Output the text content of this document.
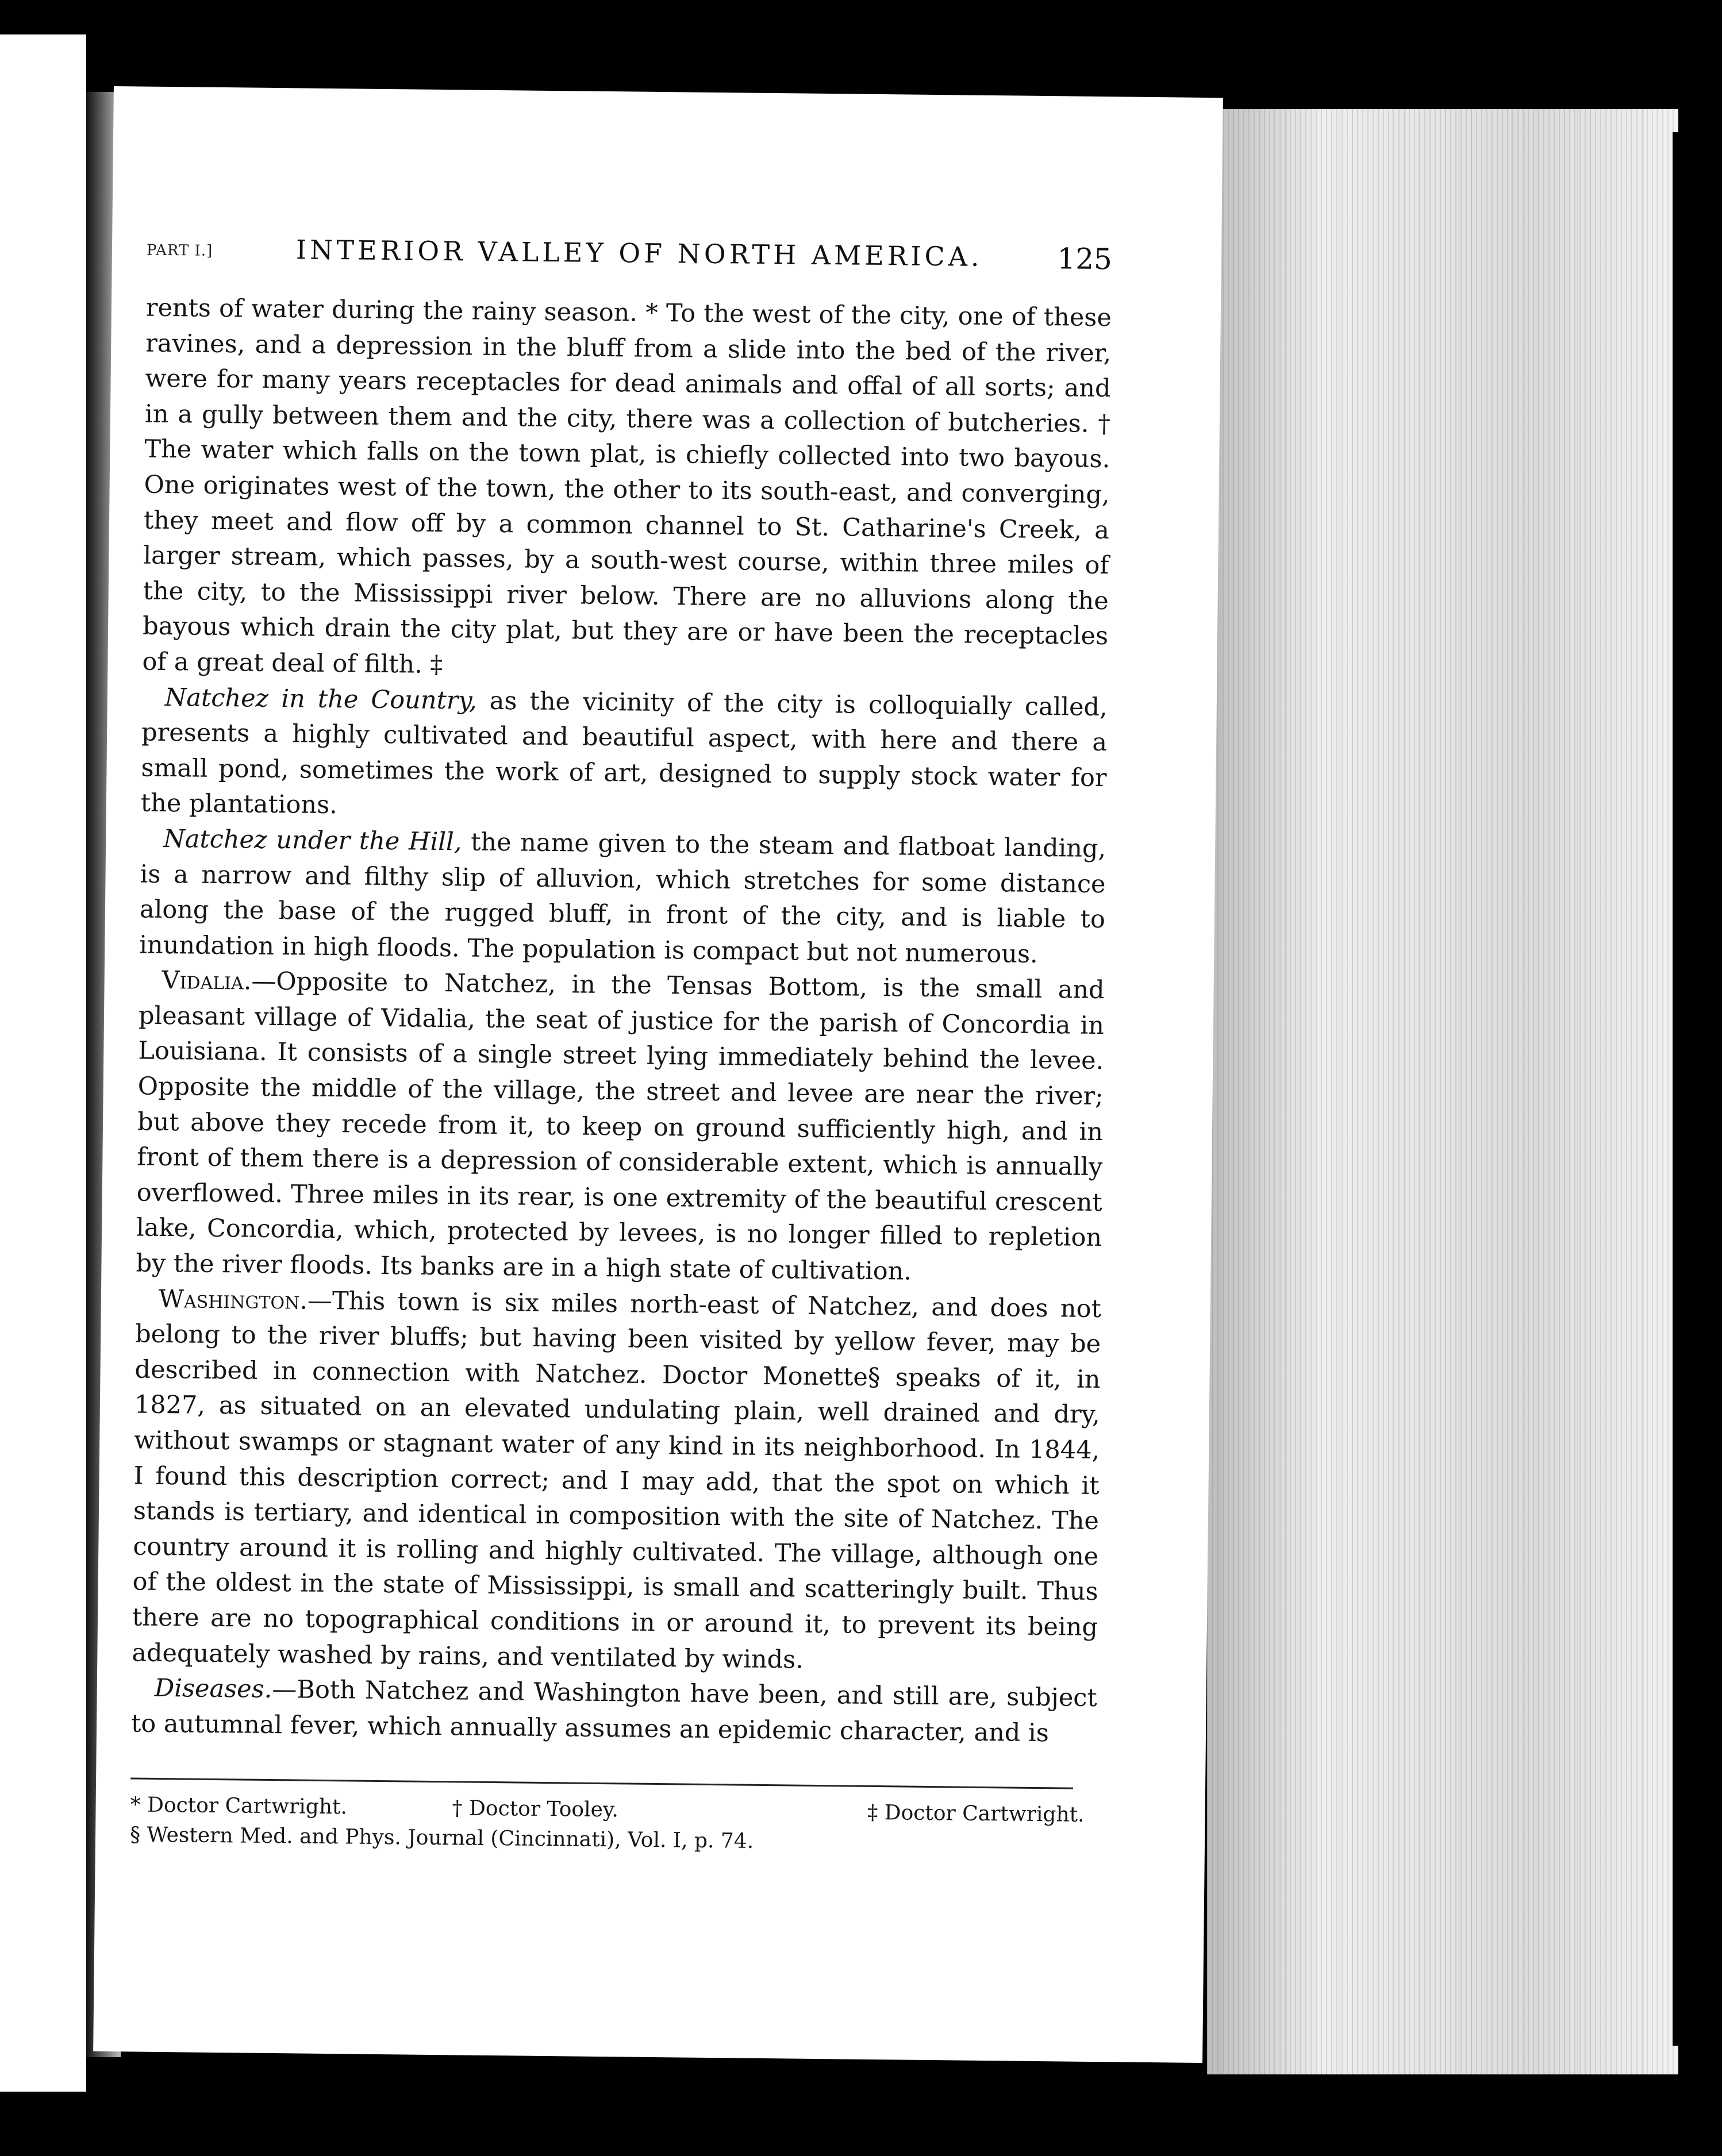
PART I.]	INTERIOR VALLEY OF NORTH AMERICA.	125

rents of water during the rainy season. * To the west of the city, one of these ravines, and a depression in the bluff from a slide into the bed of the river, were for many years receptacles for dead animals and offal of all sorts; and in a gully between them and the city, there was a collection of butcheries. † The water which falls on the town plat, is chiefly collected into two bayous. One originates west of the town, the other to its south-east, and converging, they meet and flow off by a common channel to St. Catharine's Creek, a larger stream, which passes, by a south-west course, within three miles of the city, to the Mississippi river below. There are no alluvions along the bayous which drain the city plat, but they are or have been the receptacles of a great deal of filth. ‡

Natchez in the Country, as the vicinity of the city is colloquially called, presents a highly cultivated and beautiful aspect, with here and there a small pond, sometimes the work of art, designed to supply stock water for the plantations.

Natchez under the Hill, the name given to the steam and flatboat landing, is a narrow and filthy slip of alluvion, which stretches for some distance along the base of the rugged bluff, in front of the city, and is liable to inundation in high floods. The population is compact but not numerous.

Vidalia.—Opposite to Natchez, in the Tensas Bottom, is the small and pleasant village of Vidalia, the seat of justice for the parish of Concordia in Louisiana. It consists of a single street lying immediately behind the levee. Opposite the middle of the village, the street and levee are near the river; but above they recede from it, to keep on ground sufficiently high, and in front of them there is a depression of considerable extent, which is annually overflowed. Three miles in its rear, is one extremity of the beautiful crescent lake, Concordia, which, protected by levees, is no longer filled to repletion by the river floods. Its banks are in a high state of cultivation.

Washington.—This town is six miles north-east of Natchez, and does not belong to the river bluffs; but having been visited by yellow fever, may be described in connection with Natchez. Doctor Monette§ speaks of it, in 1827, as situated on an elevated undulating plain, well drained and dry, without swamps or stagnant water of any kind in its neighborhood. In 1844, I found this description correct; and I may add, that the spot on which it stands is tertiary, and identical in composition with the site of Natchez. The country around it is rolling and highly cultivated. The village, although one of the oldest in the state of Mississippi, is small and scatteringly built. Thus there are no topographical conditions in or around it, to prevent its being adequately washed by rains, and ventilated by winds.

Diseases.—Both Natchez and Washington have been, and still are, subject to autumnal fever, which annually assumes an epidemic character, and is

* Doctor Cartwright.	† Doctor Tooley.	‡ Doctor Cartwright.
§ Western Med. and Phys. Journal (Cincinnati), Vol. I, p. 74.
